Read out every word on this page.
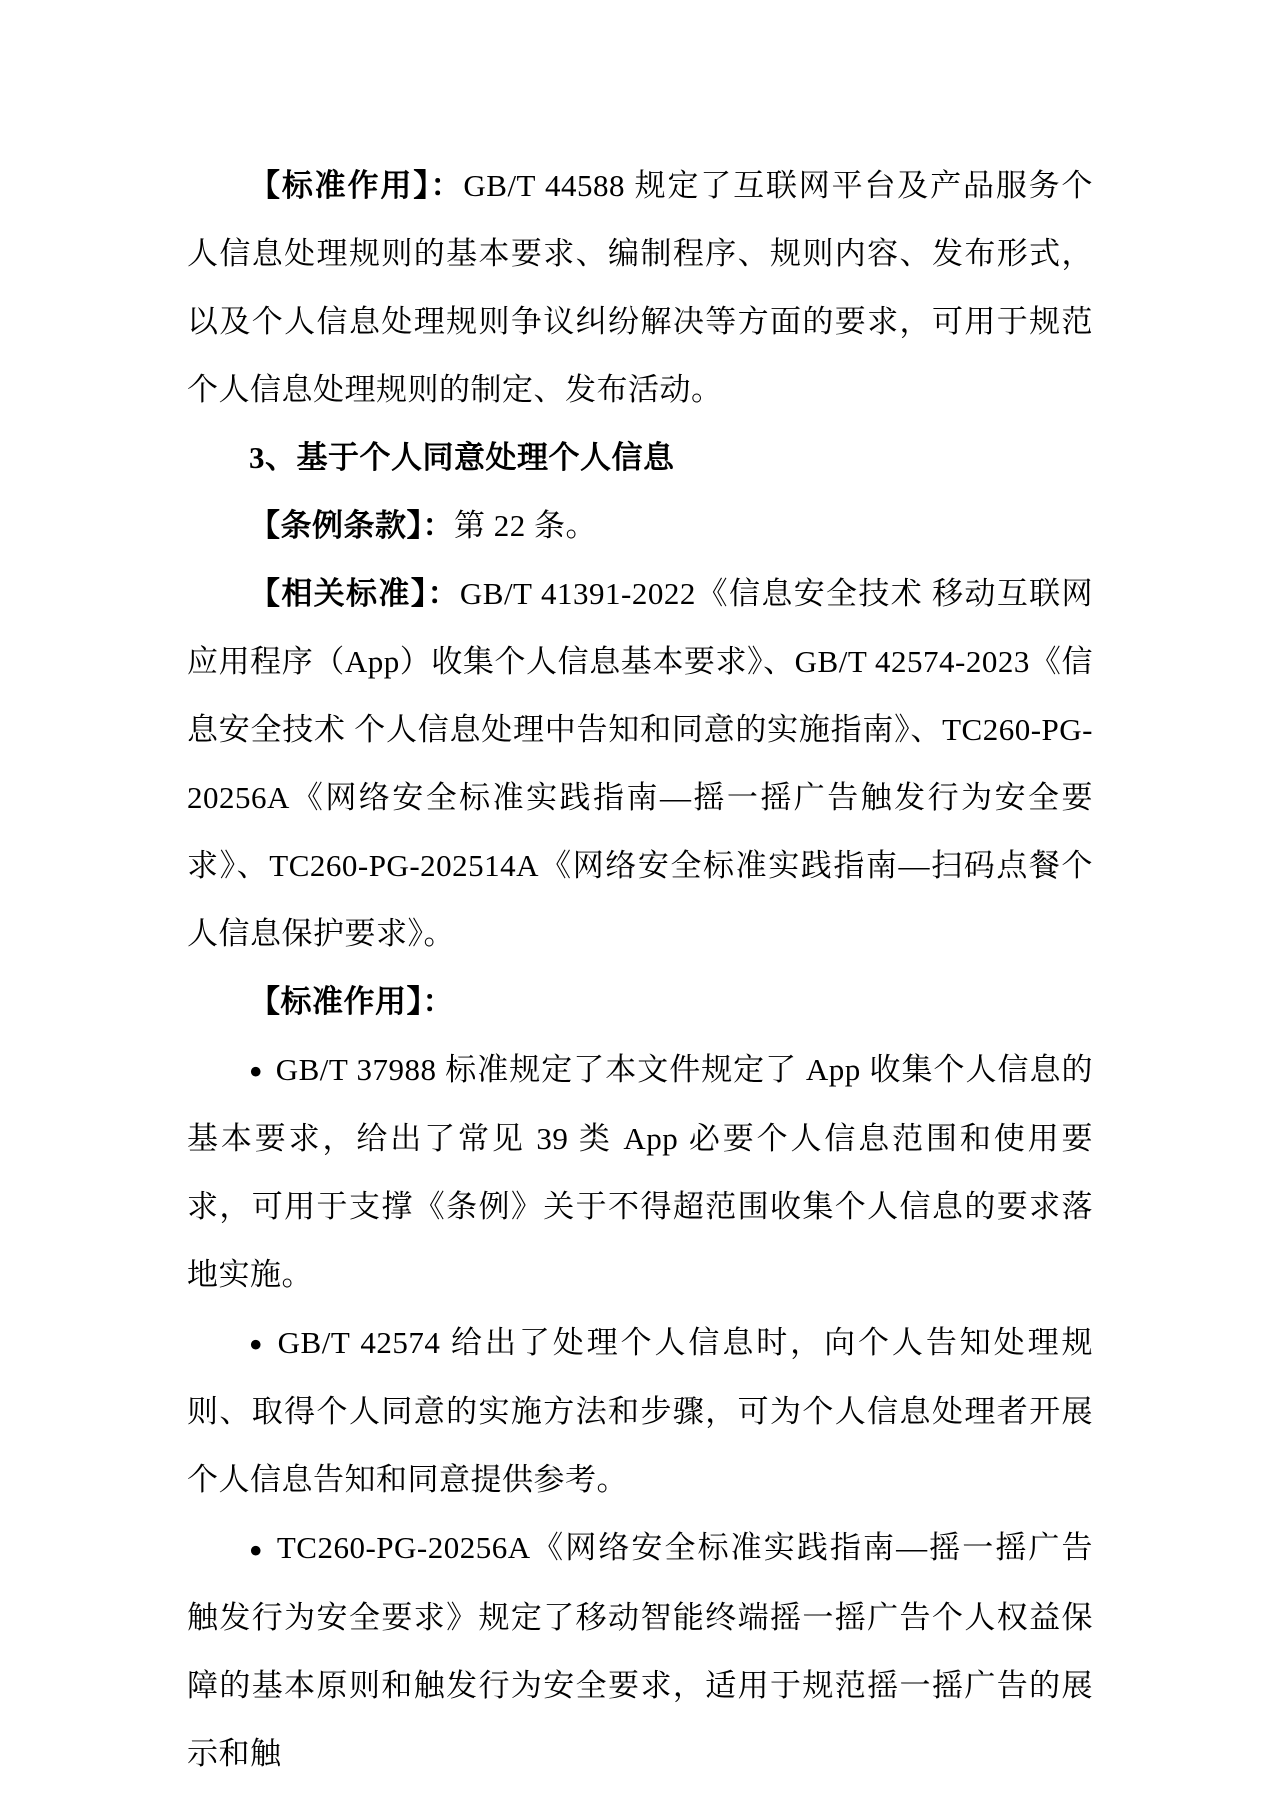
【标准作用】：GB/T 44588 规定了互联网平台及产品服务个人信息处理规则的基本要求、编制程序、规则内容、发布形式，以及个人信息处理规则争议纠纷解决等方面的要求，可用于规范个人信息处理规则的制定、发布活动。

3、基于个人同意处理个人信息

【条例条款】：第 22 条。

【相关标准】：GB/T 41391-2022《信息安全技术 移动互联网应用程序（App）收集个人信息基本要求》、GB/T 42574-2023《信息安全技术 个人信息处理中告知和同意的实施指南》、TC260-PG-20256A《网络安全标准实践指南—摇一摇广告触发行为安全要求》、TC260-PG-202514A《网络安全标准实践指南—扫码点餐个人信息保护要求》。

【标准作用】：

● GB/T 37988 标准规定了本文件规定了 App 收集个人信息的基本要求，给出了常见 39 类 App 必要个人信息范围和使用要求，可用于支撑《条例》关于不得超范围收集个人信息的要求落地实施。

● GB/T 42574 给出了处理个人信息时，向个人告知处理规则、取得个人同意的实施方法和步骤，可为个人信息处理者开展个人信息告知和同意提供参考。

● TC260-PG-20256A《网络安全标准实践指南—摇一摇广告触发行为安全要求》规定了移动智能终端摇一摇广告个人权益保障的基本原则和触发行为安全要求，适用于规范摇一摇广告的展示和触
